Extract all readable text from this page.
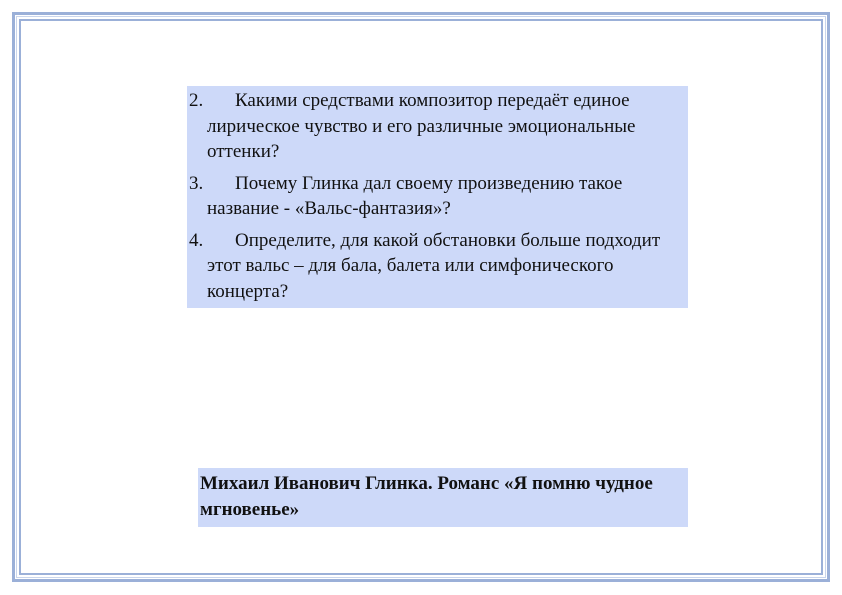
2.	Какими средствами композитор передаёт единое лирическое чувство и его различные эмоциональные оттенки?
3.	Почему Глинка дал своему произведению такое название - «Вальс-фантазия»?
4.	Определите, для какой обстановки больше подходит этот вальс – для бала, балета или симфонического концерта?
Михаил Иванович Глинка. Романс «Я помню чудное мгновенье»
